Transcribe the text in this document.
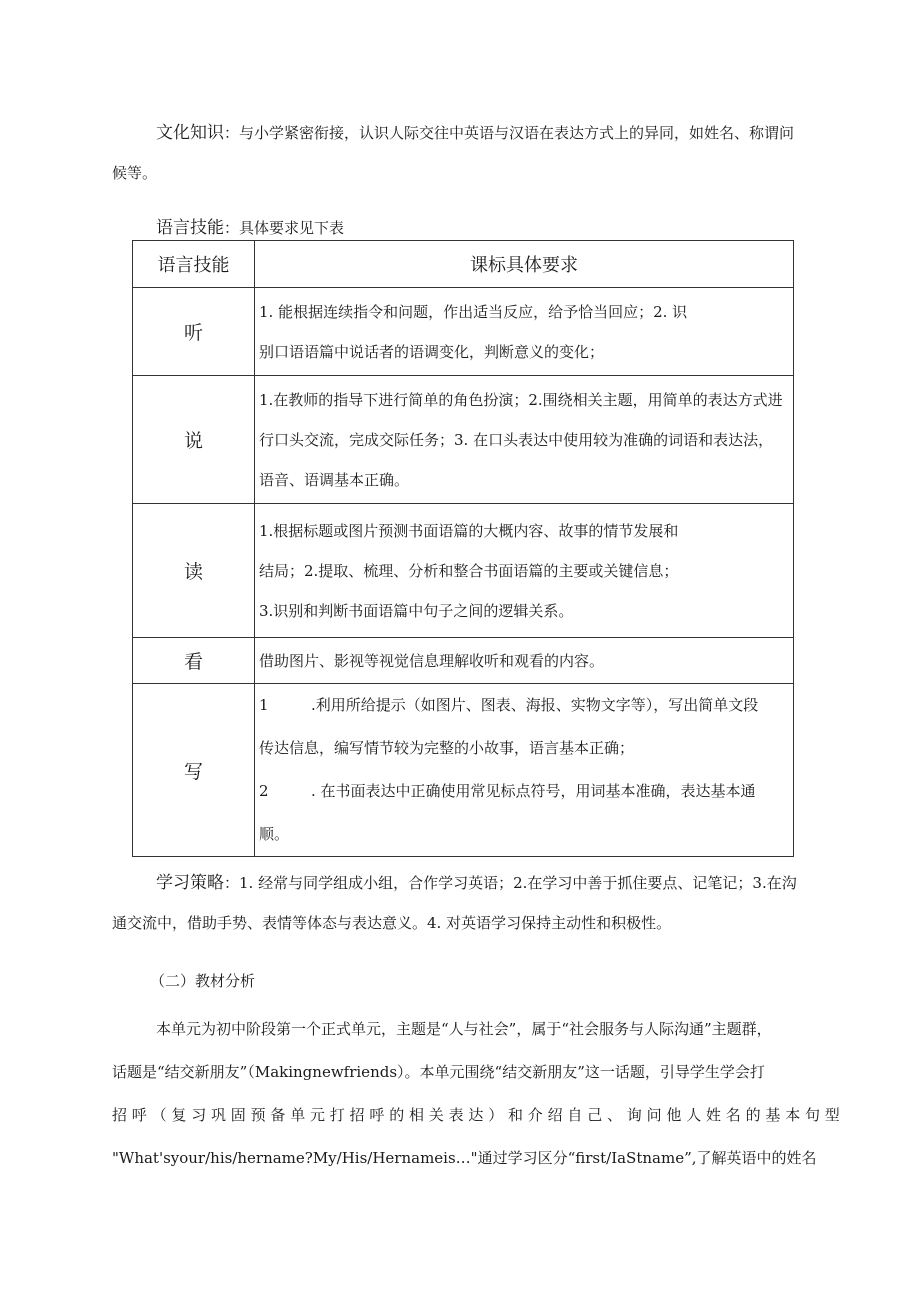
文化知识：与小学紧密衔接，认识人际交往中英语与汉语在表达方式上的异同，如姓名、称谓问
候等。
语言技能：具体要求见下表
语言技能	课标具体要求
听	1. 能根据连续指令和问题，作出适当反应，给予恰当回应；2. 识
别口语语篇中说话者的语调变化，判断意义的变化；

说	1.在教师的指导下进行简单的角色扮演；2.围绕相关主题，用简单的表达方式进
行口头交流，完成交际任务；3. 在口头表达中使用较为准确的词语和表达法，
语音、语调基本正确。

读	1.根据标题或图片预测书面语篇的大概内容、故事的情节发展和
结局；2.提取、梳理、分析和整合书面语篇的主要或关键信息；
3.识别和判断书面语篇中句子之间的逻辑关系。

看	借助图片、影视等视觉信息理解收听和观看的内容。

写	1 .利用所给提示（如图片、图表、海报、实物文字等），写出简单文段
传达信息，编写情节较为完整的小故事，语言基本正确；
2 . 在书面表达中正确使用常见标点符号，用词基本准确，表达基本通
顺。
学习策略：1. 经常与同学组成小组，合作学习英语；2.在学习中善于抓住要点、记笔记；3.在沟
通交流中，借助手势、表情等体态与表达意义。4. 对英语学习保持主动性和积极性。
（二）教材分析
本单元为初中阶段第一个正式单元，主题是“人与社会”，属于“社会服务与人际沟通”主题群，
话题是“结交新朋友”（Makingnewfriends）。本单元围绕“结交新朋友”这一话题，引导学生学会打
招呼（复习巩固预备单元打招呼的相关表达）和介绍自己、询问他人姓名的基本句型
"What'syour/his/hername?My/His/Hernameis…"通过学习区分“first/IaStname”,了解英语中的姓名
